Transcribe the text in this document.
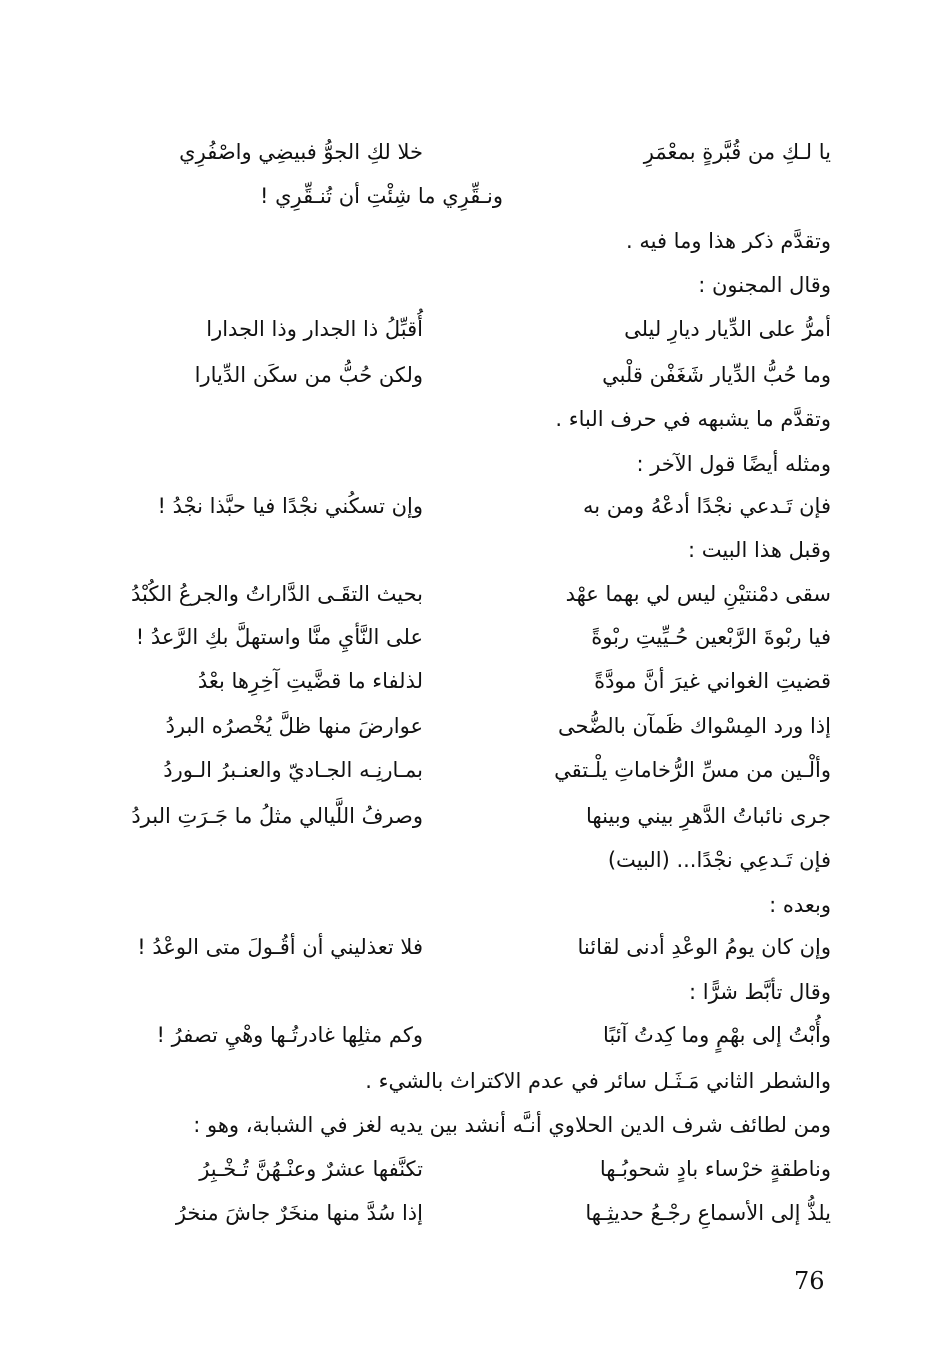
يا لـكِ من قُبَّرةٍ بمعْمَرِ
خلا لكِ الجوُّ فبيضِي واصْفُرِي
ونـقِّرِي ما شِئْتِ أن تُنـقِّرِي !
وتقدَّم ذكر هذا وما فيه .
وقال المجنون :
أمرُّ على الدِّيار ديارِ ليلى
أُقبِّلُ ذا الجدار وذا الجدارا
وما حُبُّ الدِّيار شَغَفْن قلْبي
ولكن حُبُّ من سكَن الدِّيارا
وتقدَّم ما يشبهه في حرف الباء .
ومثله أيضًا قول الآخر :
فإن تَـدعي نجْدًا أدعْهُ ومن به
وإن تسكُني نجْدًا فيا حبَّذا نجْدُ !
وقبل هذا البيت :
سقى دمْنتيْنِ ليس لي بهما عهْد
بحيث التقَـى الدَّاراتُ والجرعُ الكُبْدُ
فيا ربْوةَ الرَّبْعين حُـيِّيتِ ربْوةً
على النَّأيِ منَّا واستهلَّ بكِ الرَّعدُ !
قضيتِ الغواني غيرَ أنَّ مودَّةً
لذلفاء ما قضَّيتِ آخِرِها بعْدُ
إذا ورد المِسْواك ظَمآن بالضُّحى
عوارضَ منها ظلَّ يُخْصرُه البردُ
وألْـين من مسِّ الرُّخاماتِ يلْـتقي
بمـارنِـه الجـاديّ والعنـبرُ الـوردُ
جرى نائباتُ الدَّهرِ بيني وبينها
وصرفُ اللَّيالي مثلُ ما جَـرَتِ البردُ
فإن تَـدعِي نجْدًا... (البيت)
وبعده :
وإن كان يومُ الوعْدِ أدنى لقائنا
فلا تعذليني أن أقُـولَ متى الوعْدُ !
وقال تأبَّط شرًّا :
وأُبْتُ إلى بهْمٍ وما كِدتُ آئبًا
وكم مثلِها غادرتُـها وهْيِ تصفرُ !
والشطر الثاني مَـثَـل سائر في عدم الاكتراث بالشيء .
ومن لطائف شرف الدين الحلاوي أنـَّه أنشد بين يديه لغز في الشبابة، وهو :
وناطقةٍ خرْساء بادٍ شحوبُـها
تكنَّفها عشرٌ وعنْـهُنَّ تُـخْـبِرُ
يلذُّ إلى الأسماعِ رجْـعُ حديثِـها
إذا سُدَّ منها منخَرٌ جاشَ منخرُ
76
